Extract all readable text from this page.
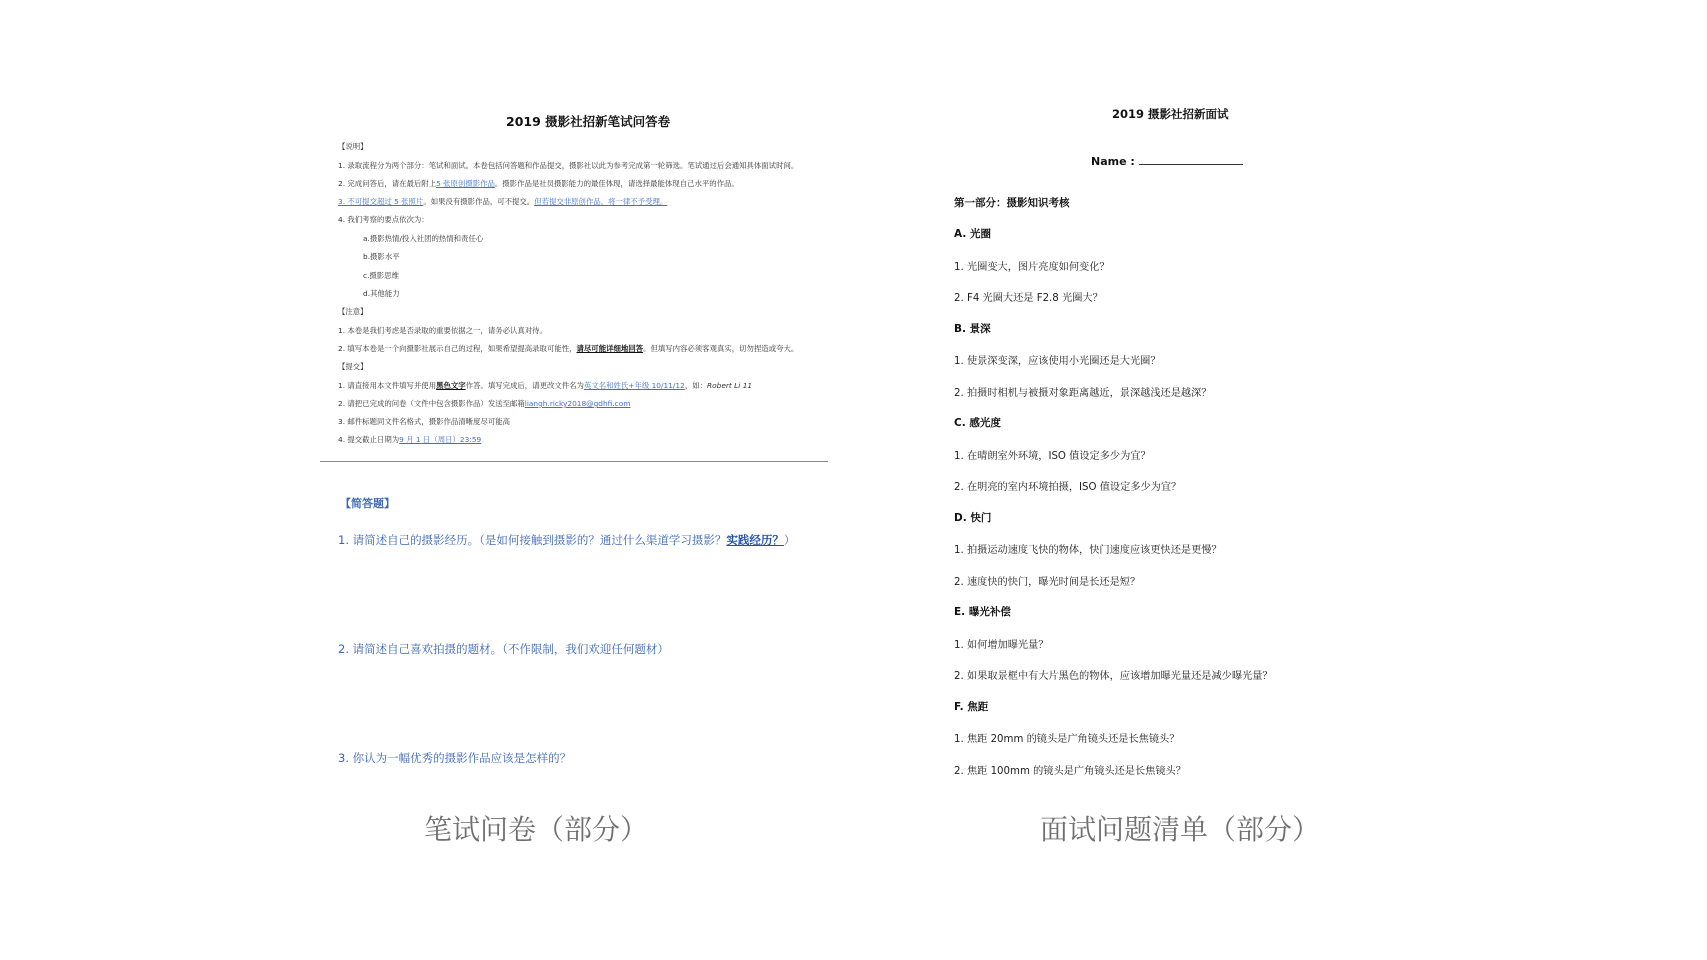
2019 摄影社招新笔试问答卷
【说明】
1. 录取流程分为两个部分：笔试和面试。本卷包括问答题和作品提交，摄影社以此为参考完成第一轮筛选。笔试通过后会通知具体面试时间。
2. 完成问答后，请在最后附上5 张原创摄影作品。摄影作品是社员摄影能力的最佳体现，请选择最能体现自己水平的作品。
3. 不可提交超过 5 张照片。如果没有摄影作品，可不提交。但若提交非原创作品，将一律不予受理。
4. 我们考察的要点依次为：
a.摄影热情/投入社团的热情和责任心
b.摄影水平
c.摄影思维
d.其他能力
【注意】
1. 本卷是我们考虑是否录取的重要依据之一，请务必认真对待。
2. 填写本卷是一个向摄影社展示自己的过程，如果希望提高录取可能性，请尽可能详细地回答。但填写内容必须客观真实，切勿捏造或夸大。
【提交】
1. 请直接用本文件填写并使用黑色文字作答。填写完成后，请更改文件名为英文名和姓氏+年级 10/11/12，如：Robert Li 11
2. 请把已完成的问卷（文件中包含摄影作品）发送至邮箱liangh.ricky2018@gdhfi.com
3. 邮件标题同文件名格式，摄影作品清晰度尽可能高
4. 提交截止日期为9 月 1 日（周日）23:59
【简答题】
1. 请简述自己的摄影经历。（是如何接触到摄影的？通过什么渠道学习摄影？实践经历？）
2. 请简述自己喜欢拍摄的题材。（不作限制，我们欢迎任何题材）
3. 你认为一幅优秀的摄影作品应该是怎样的？
2019 摄影社招新面试
Name :
第一部分：摄影知识考核
A. 光圈
1. 光圈变大，图片亮度如何变化？
2. F4 光圈大还是 F2.8 光圈大？
B. 景深
1. 使景深变深，应该使用小光圈还是大光圈？
2. 拍摄时相机与被摄对象距离越近，景深越浅还是越深？
C. 感光度
1. 在晴朗室外环境，ISO 值设定多少为宜？
2. 在明亮的室内环境拍摄，ISO 值设定多少为宜？
D. 快门
1. 拍摄运动速度飞快的物体，快门速度应该更快还是更慢？
2. 速度快的快门，曝光时间是长还是短？
E. 曝光补偿
1. 如何增加曝光量？
2. 如果取景框中有大片黑色的物体，应该增加曝光量还是减少曝光量？
F. 焦距
1. 焦距 20mm 的镜头是广角镜头还是长焦镜头？
2. 焦距 100mm 的镜头是广角镜头还是长焦镜头？
笔试问卷（部分）	面试问题清单（部分）
